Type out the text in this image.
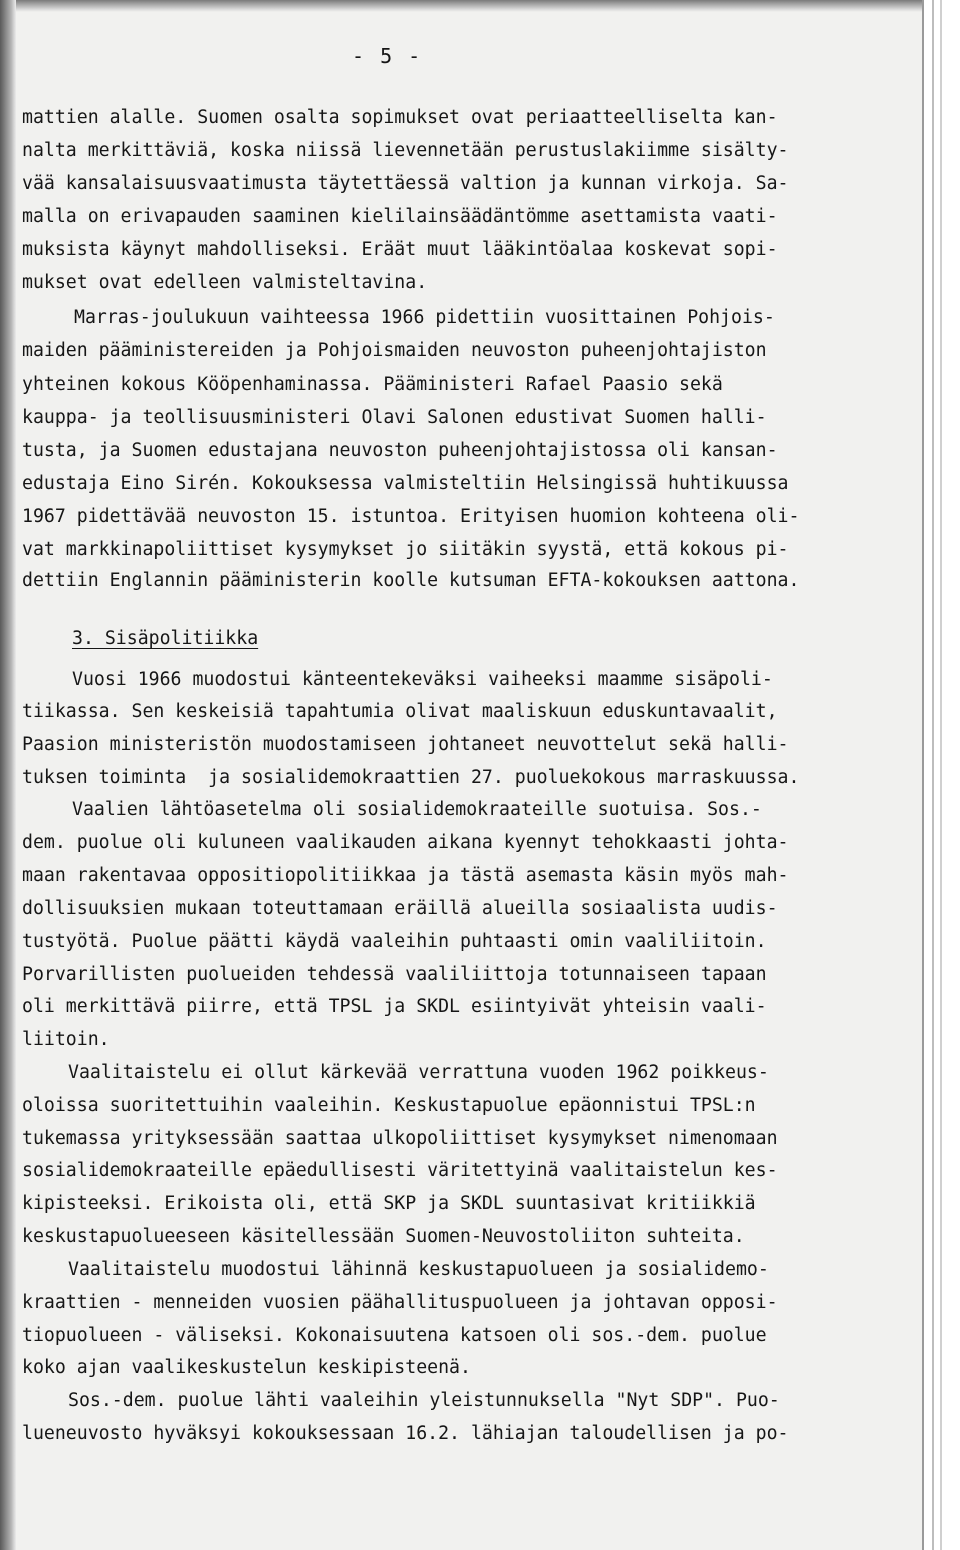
- 5 -
mattien alalle. Suomen osalta sopimukset ovat periaatteelliselta kan-
nalta merkittäviä, koska niissä lievennetään perustuslakiimme sisälty-
vää kansalaisuusvaatimusta täytettäessä valtion ja kunnan virkoja. Sa-
malla on erivapauden saaminen kielilainsäädäntömme asettamista vaati-
muksista käynyt mahdolliseksi. Eräät muut lääkintöalaa koskevat sopi-
mukset ovat edelleen valmisteltavina.
Marras-joulukuun vaihteessa 1966 pidettiin vuosittainen Pohjois-
maiden pääministereiden ja Pohjoismaiden neuvoston puheenjohtajiston
yhteinen kokous Kööpenhaminassa. Pääministeri Rafael Paasio sekä
kauppa- ja teollisuusministeri Olavi Salonen edustivat Suomen halli-
tusta, ja Suomen edustajana neuvoston puheenjohtajistossa oli kansan-
edustaja Eino Sirén. Kokouksessa valmisteltiin Helsingissä huhtikuussa
1967 pidettävää neuvoston 15. istuntoa. Erityisen huomion kohteena oli-
vat markkinapoliittiset kysymykset jo siitäkin syystä, että kokous pi-
dettiin Englannin pääministerin koolle kutsuman EFTA-kokouksen aattona.
3. Sisäpolitiikka
Vuosi 1966 muodostui känteentekeväksi vaiheeksi maamme sisäpoli-
tiikassa. Sen keskeisiä tapahtumia olivat maaliskuun eduskuntavaalit,
Paasion ministeristön muodostamiseen johtaneet neuvottelut sekä halli-
tuksen toiminta  ja sosialidemokraattien 27. puoluekokous marraskuussa.
Vaalien lähtöasetelma oli sosialidemokraateille suotuisa. Sos.-
dem. puolue oli kuluneen vaalikauden aikana kyennyt tehokkaasti johta-
maan rakentavaa oppositiopolitiikkaa ja tästä asemasta käsin myös mah-
dollisuuksien mukaan toteuttamaan eräillä alueilla sosiaalista uudis-
tustyötä. Puolue päätti käydä vaaleihin puhtaasti omin vaaliliitoin.
Porvarillisten puolueiden tehdessä vaaliliittoja totunnaiseen tapaan
oli merkittävä piirre, että TPSL ja SKDL esiintyivät yhteisin vaali-
liitoin.
Vaalitaistelu ei ollut kärkevää verrattuna vuoden 1962 poikkeus-
oloissa suoritettuihin vaaleihin. Keskustapuolue epäonnistui TPSL:n
tukemassa yrityksessään saattaa ulkopoliittiset kysymykset nimenomaan
sosialidemokraateille epäedullisesti väritettyinä vaalitaistelun kes-
kipisteeksi. Erikoista oli, että SKP ja SKDL suuntasivat kritiikkiä
keskustapuolueeseen käsitellessään Suomen-Neuvostoliiton suhteita.
Vaalitaistelu muodostui lähinnä keskustapuolueen ja sosialidemo-
kraattien - menneiden vuosien päähallituspuolueen ja johtavan opposi-
tiopuolueen - väliseksi. Kokonaisuutena katsoen oli sos.-dem. puolue
koko ajan vaalikeskustelun keskipisteenä.
Sos.-dem. puolue lähti vaaleihin yleistunnuksella "Nyt SDP". Puo-
lueneuvosto hyväksyi kokouksessaan 16.2. lähiajan taloudellisen ja po-
